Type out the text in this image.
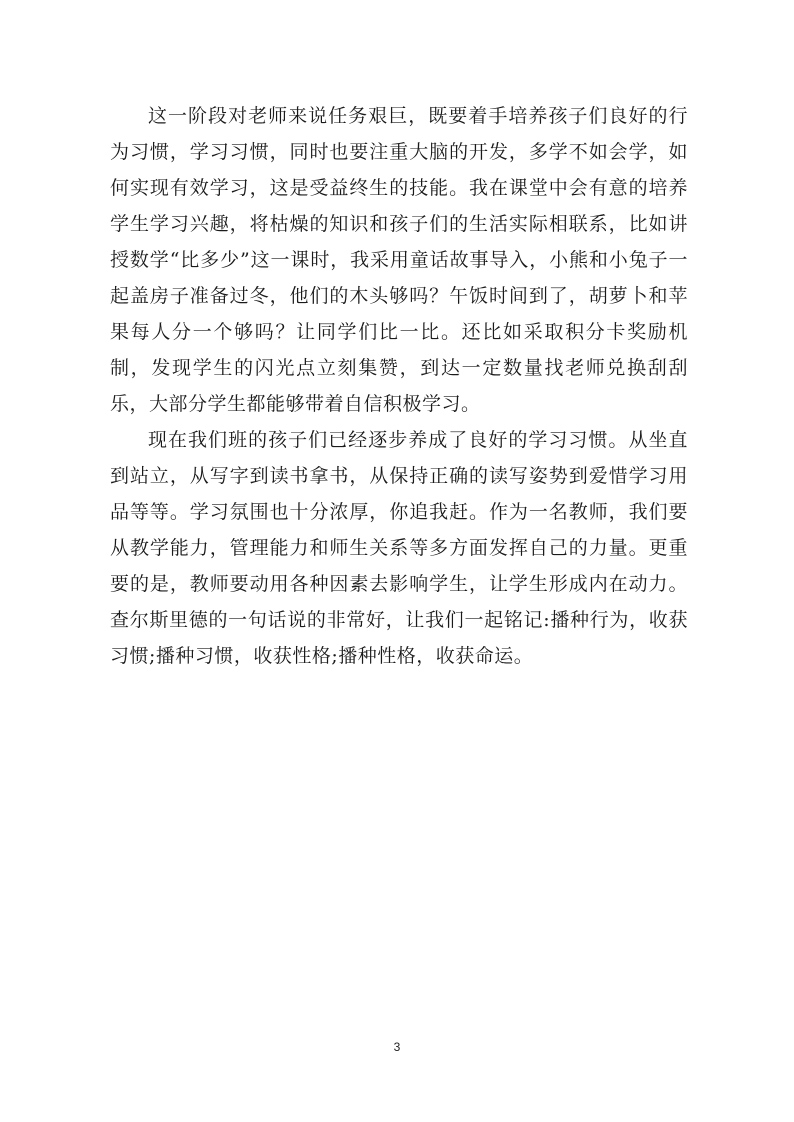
这一阶段对老师来说任务艰巨，既要着手培养孩子们良好的行为习惯，学习习惯，同时也要注重大脑的开发，多学不如会学，如何实现有效学习，这是受益终生的技能。我在课堂中会有意的培养学生学习兴趣，将枯燥的知识和孩子们的生活实际相联系，比如讲授数学“比多少”这一课时，我采用童话故事导入，小熊和小兔子一起盖房子准备过冬，他们的木头够吗？午饭时间到了，胡萝卜和苹果每人分一个够吗？让同学们比一比。还比如采取积分卡奖励机制，发现学生的闪光点立刻集赞，到达一定数量找老师兑换刮刮乐，大部分学生都能够带着自信积极学习。

现在我们班的孩子们已经逐步养成了良好的学习习惯。从坐直到站立，从写字到读书拿书，从保持正确的读写姿势到爱惜学习用品等等。学习氛围也十分浓厚，你追我赶。作为一名教师，我们要从教学能力，管理能力和师生关系等多方面发挥自己的力量。更重要的是，教师要动用各种因素去影响学生，让学生形成内在动力。查尔斯里德的一句话说的非常好，让我们一起铭记:播种行为，收获习惯;播种习惯，收获性格;播种性格，收获命运。

3
